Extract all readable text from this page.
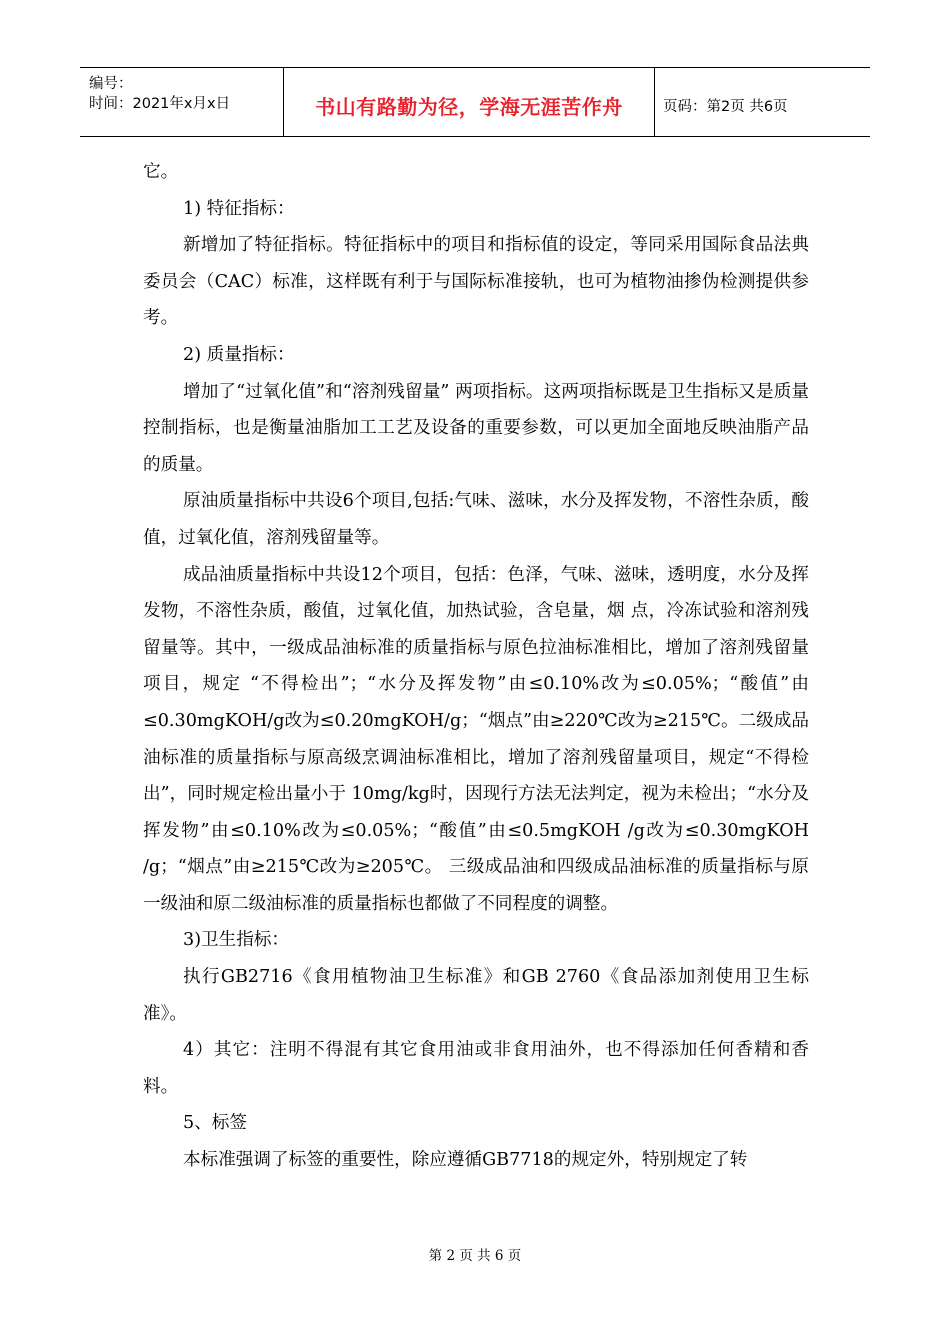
编号：
时间：2021年x月x日	书山有路勤为径，学海无涯苦作舟	页码：第2页 共6页

它。

1) 特征指标：

新增加了特征指标。特征指标中的项目和指标值的设定，等同采用国际食品法典委员会（CAC）标准，这样既有利于与国际标准接轨，也可为植物油掺伪检测提供参考。

2) 质量指标：

增加了“过氧化值”和“溶剂残留量” 两项指标。这两项指标既是卫生指标又是质量控制指标，也是衡量油脂加工工艺及设备的重要参数，可以更加全面地反映油脂产品的质量。

原油质量指标中共设6个项目,包括:气味、滋味，水分及挥发物，不溶性杂质，酸值，过氧化值，溶剂残留量等。

成品油质量指标中共设12个项目，包括：色泽，气味、滋味，透明度，水分及挥发物，不溶性杂质，酸值，过氧化值，加热试验，含皂量，烟 点，冷冻试验和溶剂残留量等。其中，一级成品油标准的质量指标与原色拉油标准相比，增加了溶剂残留量项目，规定 “不得检出”；“水分及挥发物”由≤0.10%改为≤0.05%；“酸值”由≤0.30mgKOH/g改为≤0.20mgKOH/g；“烟点”由≥220℃改为≥215℃。二级成品油标准的质量指标与原高级烹调油标准相比，增加了溶剂残留量项目，规定“不得检出”，同时规定检出量小于 10mg/kg时，因现行方法无法判定，视为未检出；“水分及挥发物”由≤0.10%改为≤0.05%；“酸值”由≤0.5mgKOH /g改为≤0.30mgKOH /g；“烟点”由≥215℃改为≥205℃。 三级成品油和四级成品油标准的质量指标与原一级油和原二级油标准的质量指标也都做了不同程度的调整。

3)卫生指标：

执行GB2716《食用植物油卫生标准》和GB 2760《食品添加剂使用卫生标准》。

4）其它：注明不得混有其它食用油或非食用油外，也不得添加任何香精和香料。

5、标签

本标准强调了标签的重要性，除应遵循GB7718的规定外，特别规定了转

第 2 页 共 6 页
